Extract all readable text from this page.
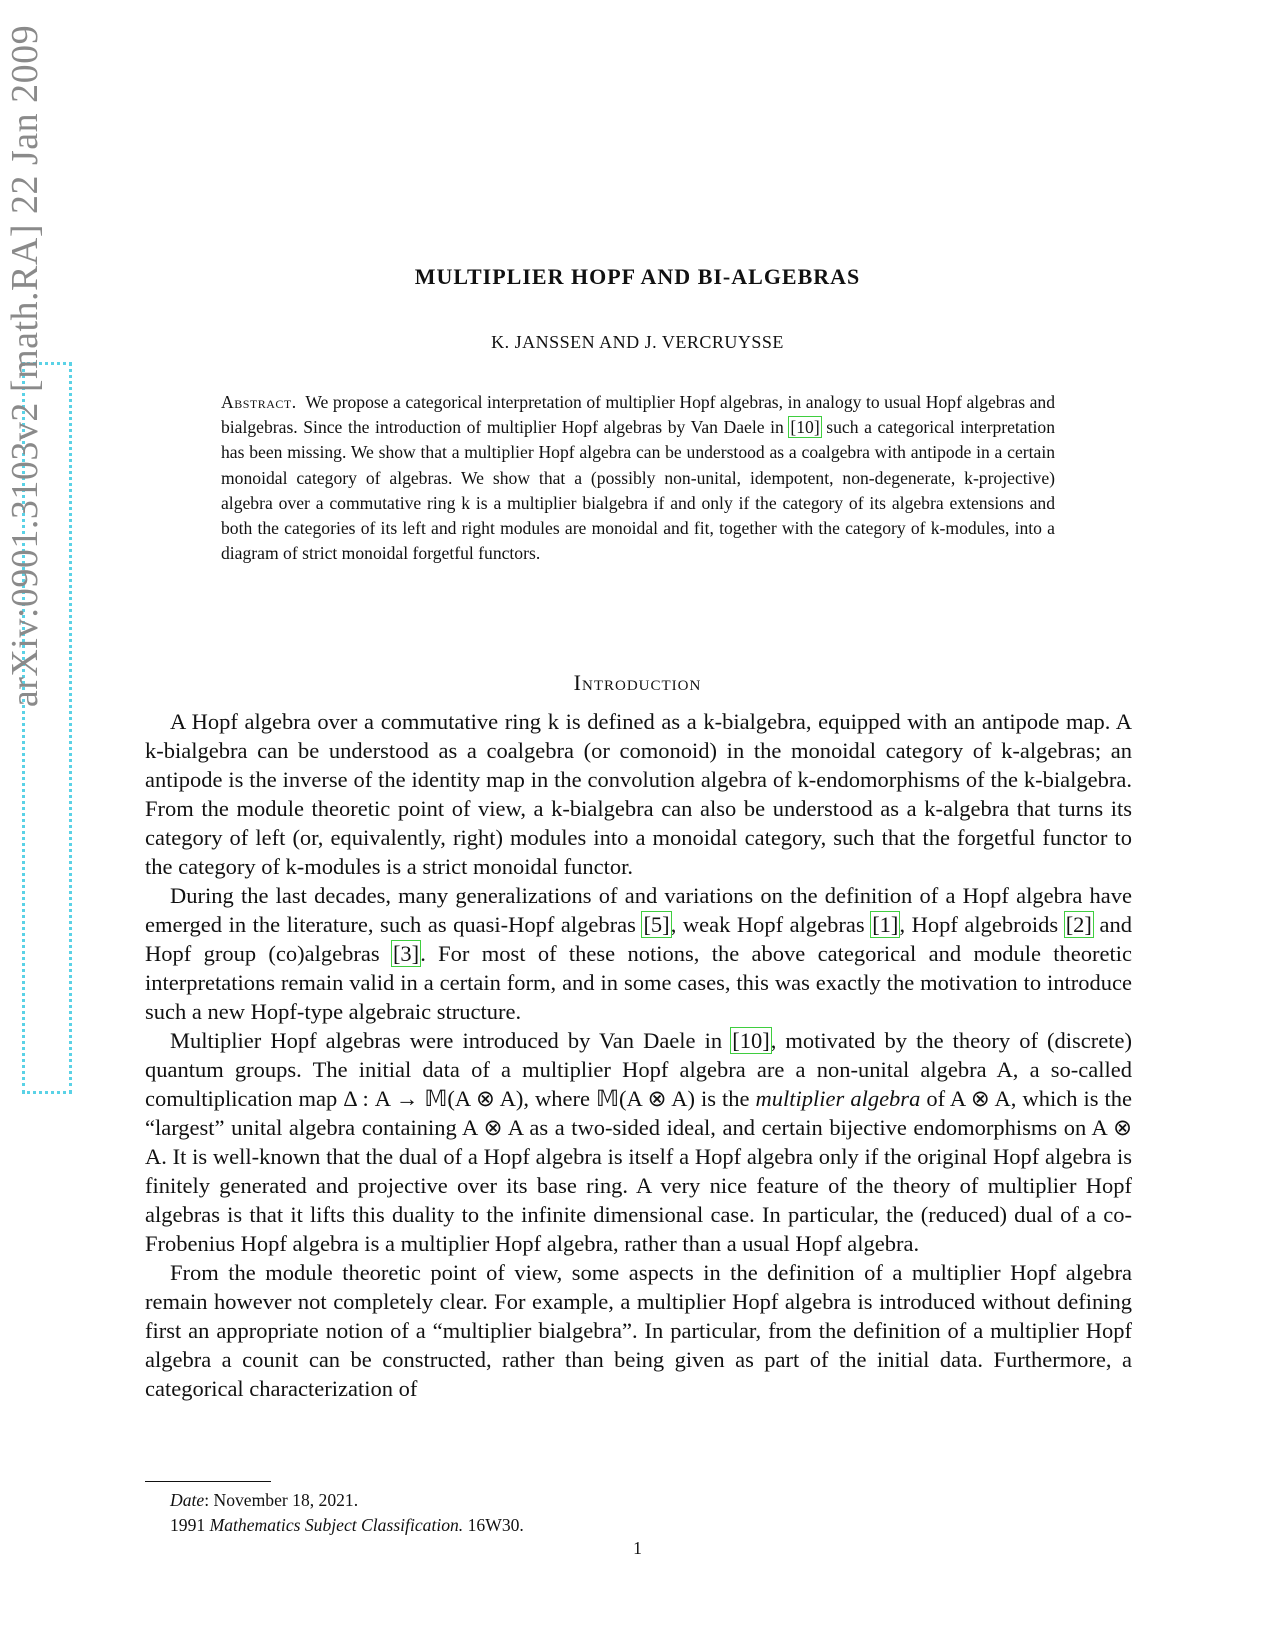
arXiv:0901.3103v2 [math.RA] 22 Jan 2009	MULTIPLIER HOPF AND BI-ALGEBRAS
K. JANSSEN AND J. VERCRUYSSE

Abstract. We propose a categorical interpretation of multiplier Hopf algebras, in analogy to usual Hopf algebras and bialgebras. Since the introduction of multiplier Hopf algebras by Van Daele in [10] such a categorical interpretation has been missing. We show that a multiplier Hopf algebra can be understood as a coalgebra with antipode in a certain monoidal category of algebras. We show that a (possibly non-unital, idempotent, non-degenerate, k-projective) algebra over a commutative ring k is a multiplier bialgebra if and only if the category of its algebra extensions and both the categories of its left and right modules are monoidal and fit, together with the category of k-modules, into a diagram of strict monoidal forgetful functors.

Introduction

A Hopf algebra over a commutative ring k is defined as a k-bialgebra, equipped with an antipode map. A k-bialgebra can be understood as a coalgebra (or comonoid) in the monoidal category of k-algebras; an antipode is the inverse of the identity map in the convolution algebra of k-endomorphisms of the k-bialgebra. From the module theoretic point of view, a k-bialgebra can also be understood as a k-algebra that turns its category of left (or, equivalently, right) modules into a monoidal category, such that the forgetful functor to the category of k-modules is a strict monoidal functor.

During the last decades, many generalizations of and variations on the definition of a Hopf algebra have emerged in the literature, such as quasi-Hopf algebras [5], weak Hopf algebras [1], Hopf algebroids [2] and Hopf group (co)algebras [3]. For most of these notions, the above categorical and module theoretic interpretations remain valid in a certain form, and in some cases, this was exactly the motivation to introduce such a new Hopf-type algebraic structure.

Multiplier Hopf algebras were introduced by Van Daele in [10], motivated by the theory of (discrete) quantum groups. The initial data of a multiplier Hopf algebra are a non-unital algebra A, a so-called comultiplication map Δ : A → 𝕄(A ⊗ A), where 𝕄(A ⊗ A) is the multiplier algebra of A ⊗ A, which is the “largest” unital algebra containing A ⊗ A as a two-sided ideal, and certain bijective endomorphisms on A ⊗ A. It is well-known that the dual of a Hopf algebra is itself a Hopf algebra only if the original Hopf algebra is finitely generated and projective over its base ring. A very nice feature of the theory of multiplier Hopf algebras is that it lifts this duality to the infinite dimensional case. In particular, the (reduced) dual of a co-Frobenius Hopf algebra is a multiplier Hopf algebra, rather than a usual Hopf algebra.

From the module theoretic point of view, some aspects in the definition of a multiplier Hopf algebra remain however not completely clear. For example, a multiplier Hopf algebra is introduced without defining first an appropriate notion of a “multiplier bialgebra”. In particular, from the definition of a multiplier Hopf algebra a counit can be constructed, rather than being given as part of the initial data. Furthermore, a categorical characterization of

Date: November 18, 2021.
1991 Mathematics Subject Classification. 16W30.
1
